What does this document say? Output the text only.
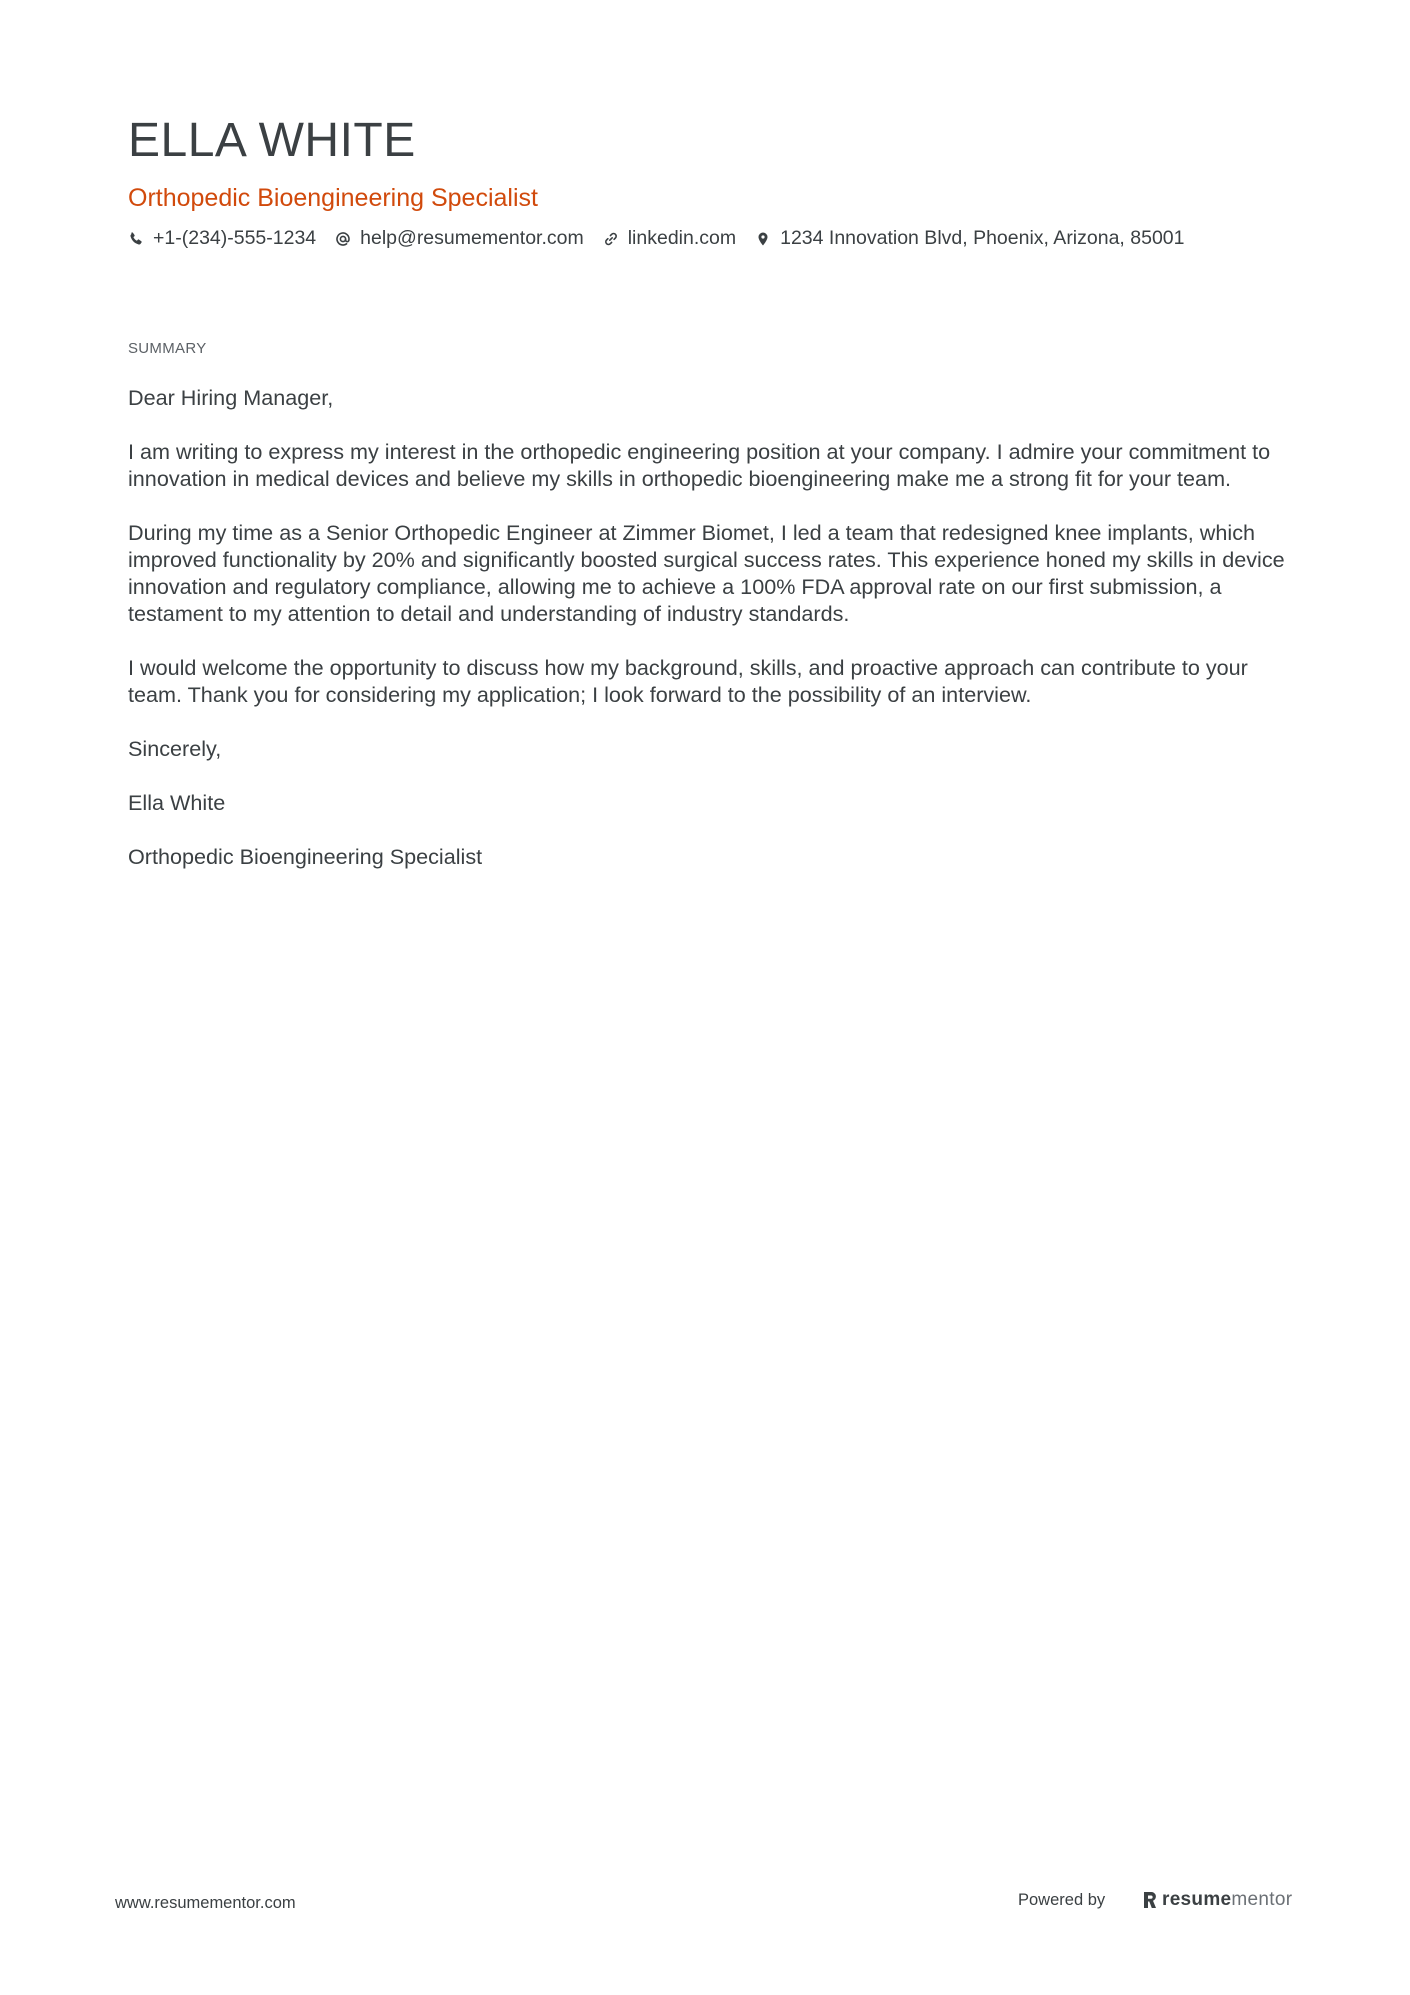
ELLA WHITE
Orthopedic Bioengineering Specialist
+1-(234)-555-1234 help@resumementor.com linkedin.com 1234 Innovation Blvd, Phoenix, Arizona, 85001

SUMMARY

Dear Hiring Manager,

I am writing to express my interest in the orthopedic engineering position at your company. I admire your commitment to innovation in medical devices and believe my skills in orthopedic bioengineering make me a strong fit for your team.

During my time as a Senior Orthopedic Engineer at Zimmer Biomet, I led a team that redesigned knee implants, which improved functionality by 20% and significantly boosted surgical success rates. This experience honed my skills in device innovation and regulatory compliance, allowing me to achieve a 100% FDA approval rate on our first submission, a testament to my attention to detail and understanding of industry standards.

I would welcome the opportunity to discuss how my background, skills, and proactive approach can contribute to your team. Thank you for considering my application; I look forward to the possibility of an interview.

Sincerely,

Ella White

Orthopedic Bioengineering Specialist

www.resumementor.com	Powered by	resume mentor
